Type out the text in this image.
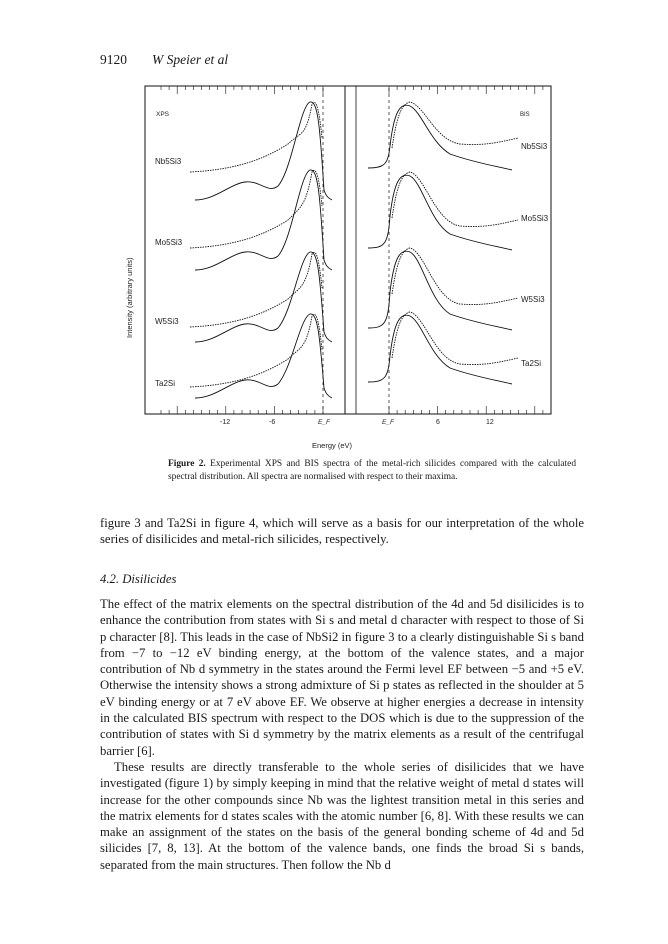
9120 W Speier et al
XPS	BIS
Intensity (arbitrary units)
Nb5Si3
Mo5Si3
W5Si3
Ta2Si
Nb5Si3
Mo5Si3
W5Si3
Ta2Si
-12	-6	E_F	E_F	6	12
Energy (eV)
Figure 2. Experimental XPS and BIS spectra of the metal-rich silicides compared with the calculated spectral distribution. All spectra are normalised with respect to their maxima.

figure 3 and Ta2Si in figure 4, which will serve as a basis for our interpretation of the whole series of disilicides and metal-rich silicides, respectively.

4.2. Disilicides

The effect of the matrix elements on the spectral distribution of the 4d and 5d disilicides is to enhance the contribution from states with Si s and metal d character with respect to those of Si p character [8]. This leads in the case of NbSi2 in figure 3 to a clearly distinguishable Si s band from −7 to −12 eV binding energy, at the bottom of the valence states, and a major contribution of Nb d symmetry in the states around the Fermi level EF between −5 and +5 eV. Otherwise the intensity shows a strong admixture of Si p states as reflected in the shoulder at 5 eV binding energy or at 7 eV above EF. We observe at higher energies a decrease in intensity in the calculated BIS spectrum with respect to the DOS which is due to the suppression of the contribution of states with Si d symmetry by the matrix elements as a result of the centrifugal barrier [6].

These results are directly transferable to the whole series of disilicides that we have investigated (figure 1) by simply keeping in mind that the relative weight of metal d states will increase for the other compounds since Nb was the lightest transition metal in this series and the matrix elements for d states scales with the atomic number [6, 8]. With these results we can make an assignment of the states on the basis of the general bonding scheme of 4d and 5d silicides [7, 8, 13]. At the bottom of the valence bands, one finds the broad Si s bands, separated from the main structures. Then follow the Nb d
